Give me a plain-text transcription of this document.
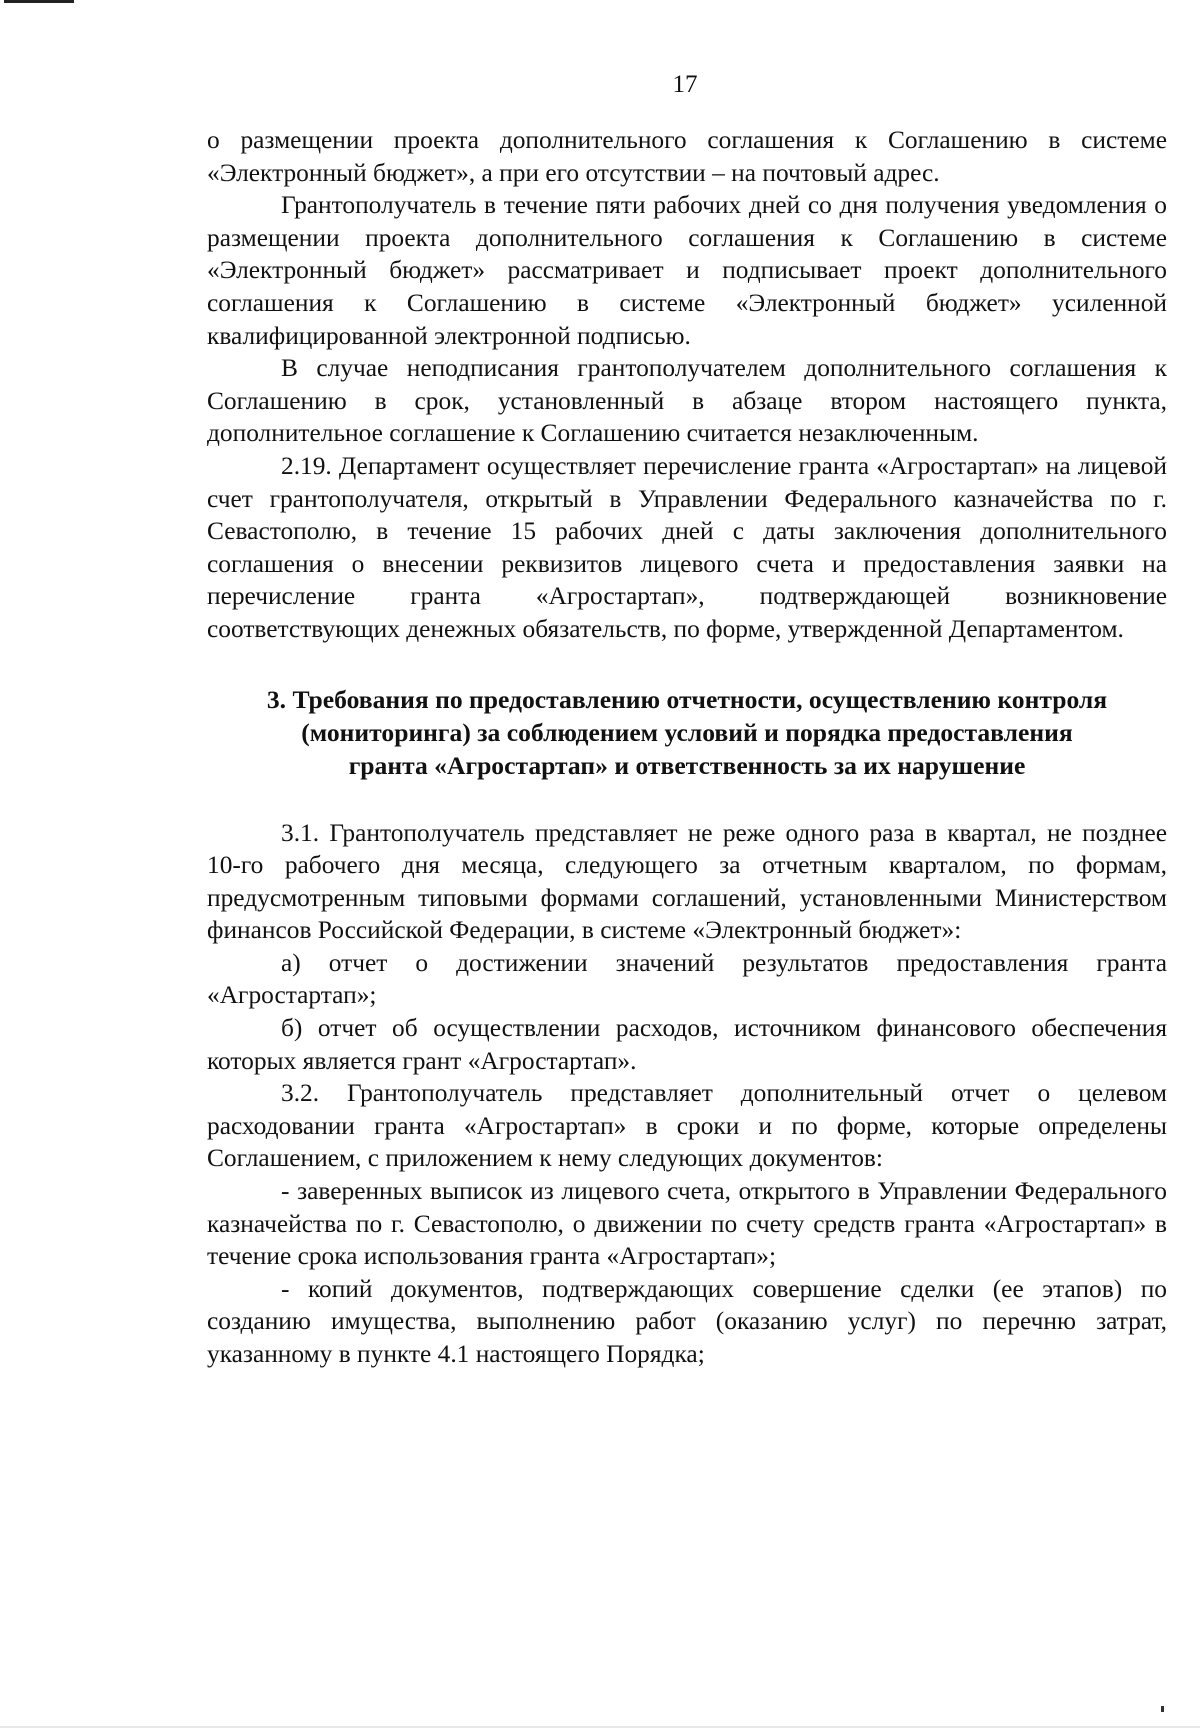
17

о размещении проекта дополнительного соглашения к Соглашению в системе «Электронный бюджет», а при его отсутствии – на почтовый адрес.

Грантополучатель в течение пяти рабочих дней со дня получения уведомления о размещении проекта дополнительного соглашения к Соглашению в системе «Электронный бюджет» рассматривает и подписывает проект дополнительного соглашения к Соглашению в системе «Электронный бюджет» усиленной квалифицированной электронной подписью.

В случае неподписания грантополучателем дополнительного соглашения к Соглашению в срок, установленный в абзаце втором настоящего пункта, дополнительное соглашение к Соглашению считается незаключенным.

2.19. Департамент осуществляет перечисление гранта «Агростартап» на лицевой счет грантополучателя, открытый в Управлении Федерального казначейства по г. Севастополю, в течение 15 рабочих дней с даты заключения дополнительного соглашения о внесении реквизитов лицевого счета и предоставления заявки на перечисление гранта «Агростартап», подтверждающей возникновение соответствующих денежных обязательств, по форме, утвержденной Департаментом.

3. Требования по предоставлению отчетности, осуществлению контроля
(мониторинга) за соблюдением условий и порядка предоставления
гранта «Агростартап» и ответственность за их нарушение

3.1. Грантополучатель представляет не реже одного раза в квартал, не позднее 10-го рабочего дня месяца, следующего за отчетным кварталом, по формам, предусмотренным типовыми формами соглашений, установленными Министерством финансов Российской Федерации, в системе «Электронный бюджет»:

а) отчет о достижении значений результатов предоставления гранта «Агростартап»;

б) отчет об осуществлении расходов, источником финансового обеспечения которых является грант «Агростартап».

3.2. Грантополучатель представляет дополнительный отчет о целевом расходовании гранта «Агростартап» в сроки и по форме, которые определены Соглашением, с приложением к нему следующих документов:

- заверенных выписок из лицевого счета, открытого в Управлении Федерального казначейства по г. Севастополю, о движении по счету средств гранта «Агростартап» в течение срока использования гранта «Агростартап»;

- копий документов, подтверждающих совершение сделки (ее этапов) по созданию имущества, выполнению работ (оказанию услуг) по перечню затрат, указанному в пункте 4.1 настоящего Порядка;
